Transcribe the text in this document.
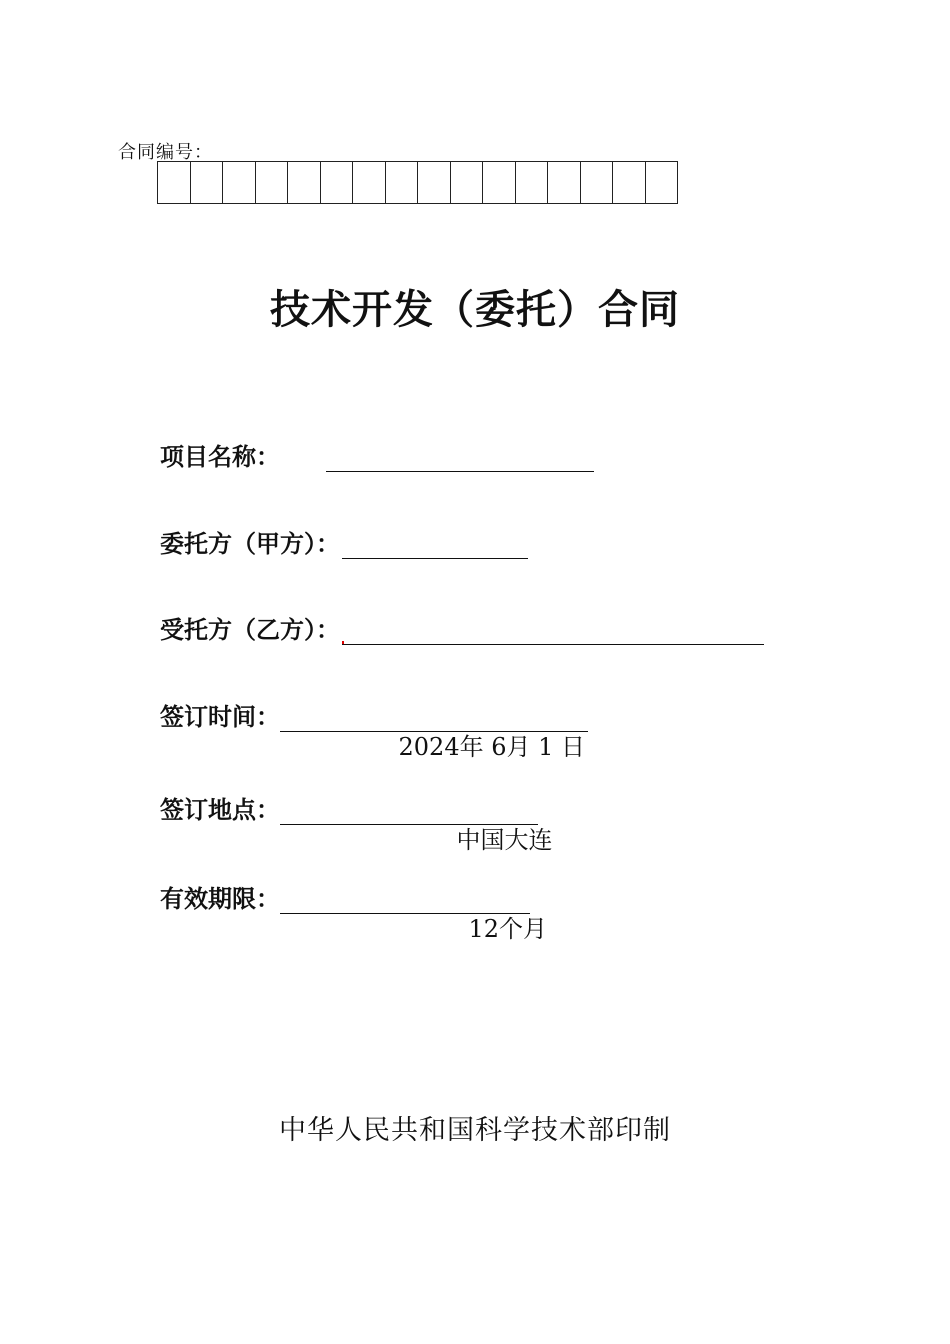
合同编号：
技术开发（委托）合同
项目名称：
委托方（甲方）：
受托方（乙方）：

签订时间：

2024年 6月 1 日

签订地点：

中国大连

有效期限：

12个月

中华人民共和国科学技术部印制
